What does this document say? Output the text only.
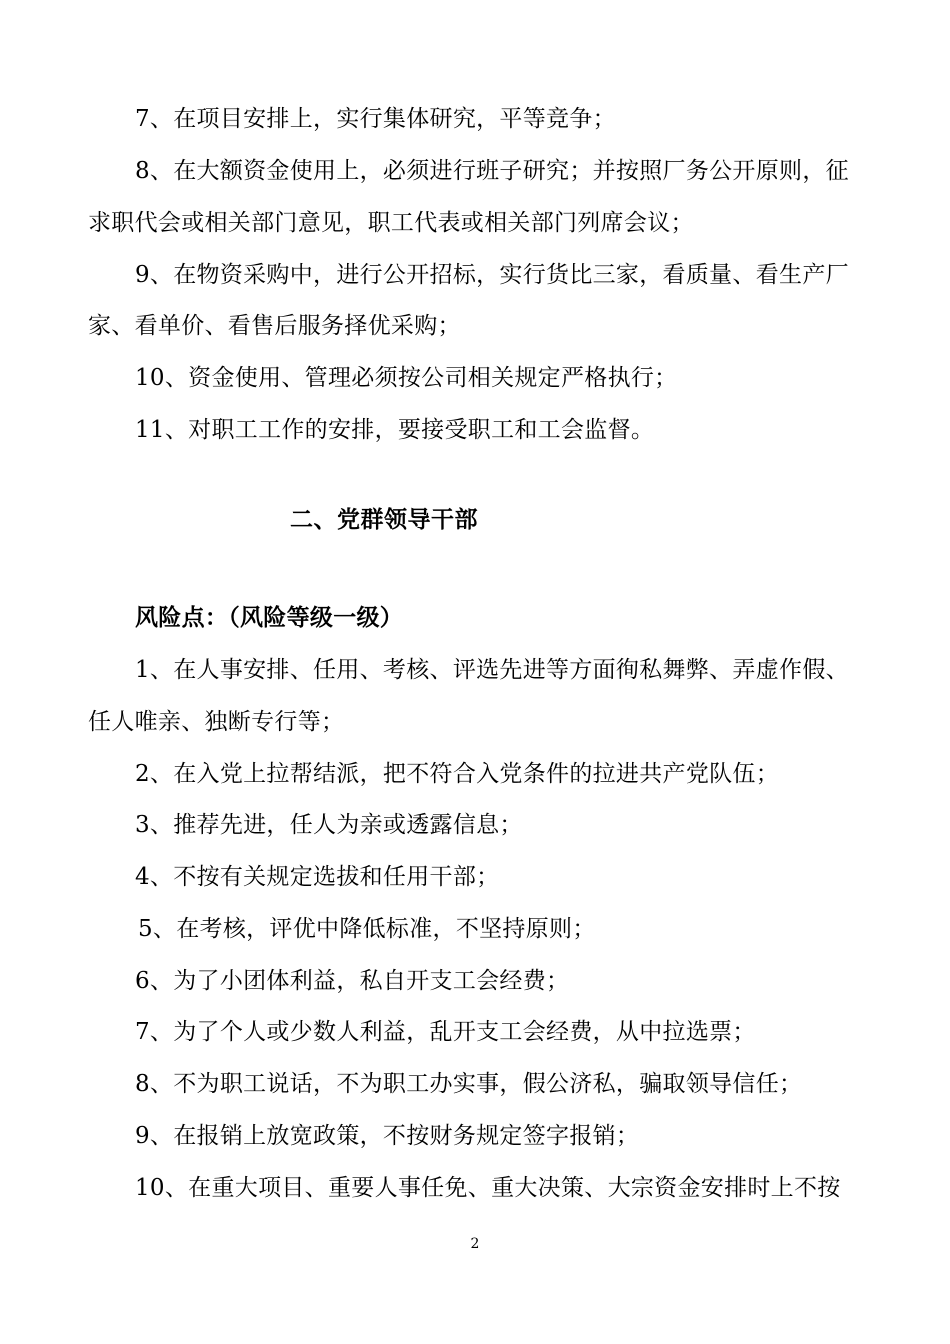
7、在项目安排上，实行集体研究，平等竞争；
8、在大额资金使用上，必须进行班子研究；并按照厂务公开原则，征
求职代会或相关部门意见，职工代表或相关部门列席会议；
9、在物资采购中，进行公开招标，实行货比三家，看质量、看生产厂
家、看单价、看售后服务择优采购；
10、资金使用、管理必须按公司相关规定严格执行；
11、对职工工作的安排，要接受职工和工会监督。
二、党群领导干部
风险点：（风险等级一级）
1、在人事安排、任用、考核、评选先进等方面徇私舞弊、弄虚作假、
任人唯亲、独断专行等；
2、在入党上拉帮结派，把不符合入党条件的拉进共产党队伍；
3、推荐先进，任人为亲或透露信息；
4、不按有关规定选拔和任用干部；
5、在考核，评优中降低标准，不坚持原则；
6、为了小团体利益，私自开支工会经费；
7、为了个人或少数人利益，乱开支工会经费，从中拉选票；
8、不为职工说话，不为职工办实事，假公济私，骗取领导信任；
9、在报销上放宽政策，不按财务规定签字报销；
10、在重大项目、重要人事任免、重大决策、大宗资金安排时上不按
2
